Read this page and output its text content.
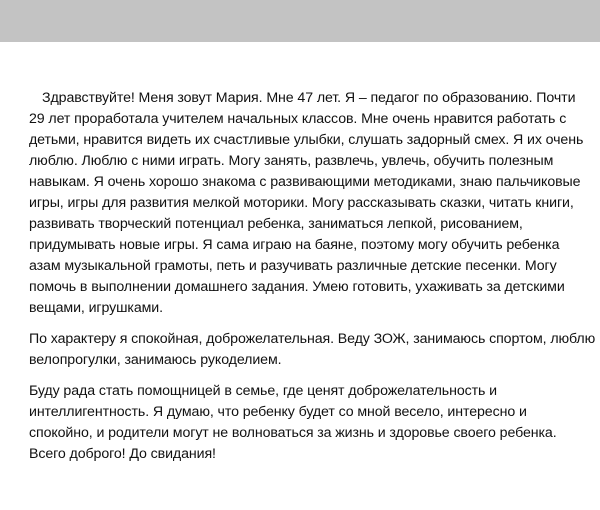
Здравствуйте! Меня зовут Мария. Мне 47 лет. Я – педагог по образованию. Почти
29 лет проработала учителем начальных классов. Мне очень нравится работать с
детьми, нравится видеть их счастливые улыбки, слушать задорный смех. Я их очень
люблю. Люблю с ними играть. Могу занять, развлечь, увлечь, обучить полезным
навыкам. Я очень хорошо знакома с развивающими методиками, знаю пальчиковые
игры, игры для развития мелкой моторики. Могу рассказывать сказки, читать книги,
развивать творческий потенциал ребенка, заниматься лепкой, рисованием,
придумывать новые игры. Я сама играю на баяне, поэтому могу обучить ребенка
азам музыкальной грамоты, петь и разучивать различные детские песенки. Могу
помочь в выполнении домашнего задания. Умею готовить, ухаживать за детскими
вещами, игрушками.

По характеру я спокойная, доброжелательная. Веду ЗОЖ, занимаюсь спортом, люблю
велопрогулки, занимаюсь рукоделием.

Буду рада стать помощницей в семье, где ценят доброжелательность и
интеллигентность. Я думаю, что ребенку будет со мной весело, интересно и
спокойно, и родители могут не волноваться за жизнь и здоровье своего ребенка.
Всего доброго! До свидания!
